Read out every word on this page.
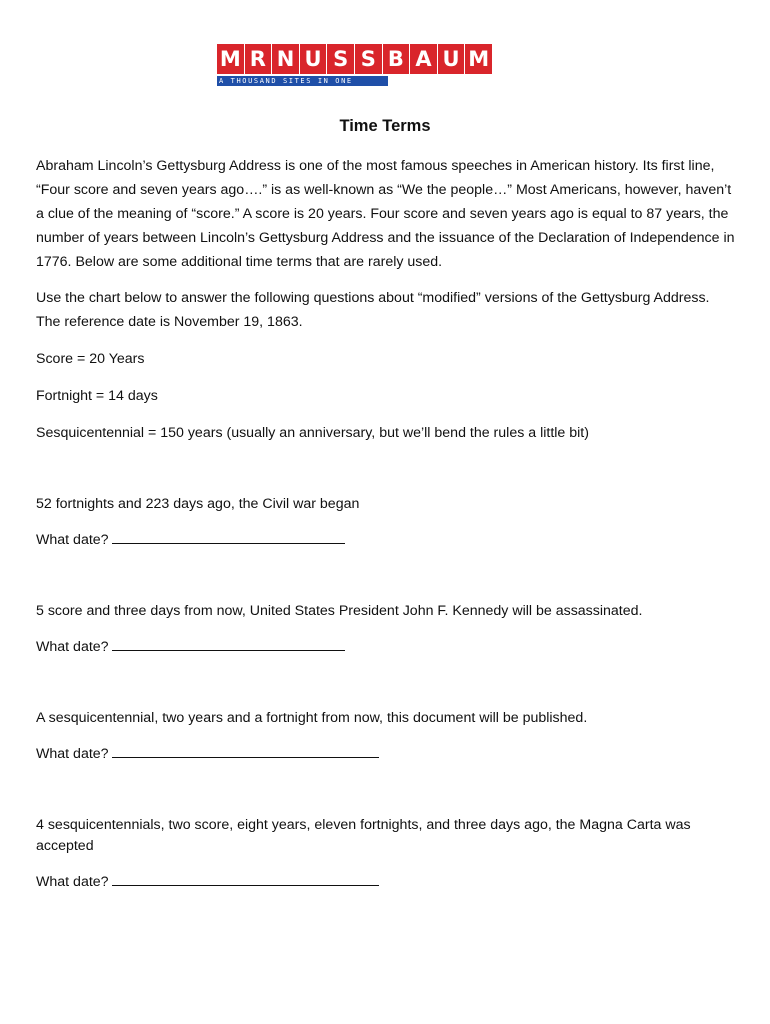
M R N U S S B A U M
A THOUSAND SITES IN ONE
Time Terms

Abraham Lincoln’s Gettysburg Address is one of the most famous speeches in American history. Its first line, “Four score and seven years ago….” is as well-known as “We the people…” Most Americans, however, haven’t a clue of the meaning of “score.” A score is 20 years. Four score and seven years ago is equal to 87 years, the number of years between Lincoln’s Gettysburg Address and the issuance of the Declaration of Independence in 1776. Below are some additional time terms that are rarely used.

Use the chart below to answer the following questions about “modified” versions of the Gettysburg Address. The reference date is November 19, 1863.

Score = 20 Years

Fortnight = 14 days

Sesquicentennial = 150 years (usually an anniversary, but we’ll bend the rules a little bit)

52 fortnights and 223 days ago, the Civil war began

What date?

5 score and three days from now, United States President John F. Kennedy will be assassinated.

What date?

A sesquicentennial, two years and a fortnight from now, this document will be published.

What date?

4 sesquicentennials, two score, eight years, eleven fortnights, and three days ago, the Magna Carta was accepted

What date?
